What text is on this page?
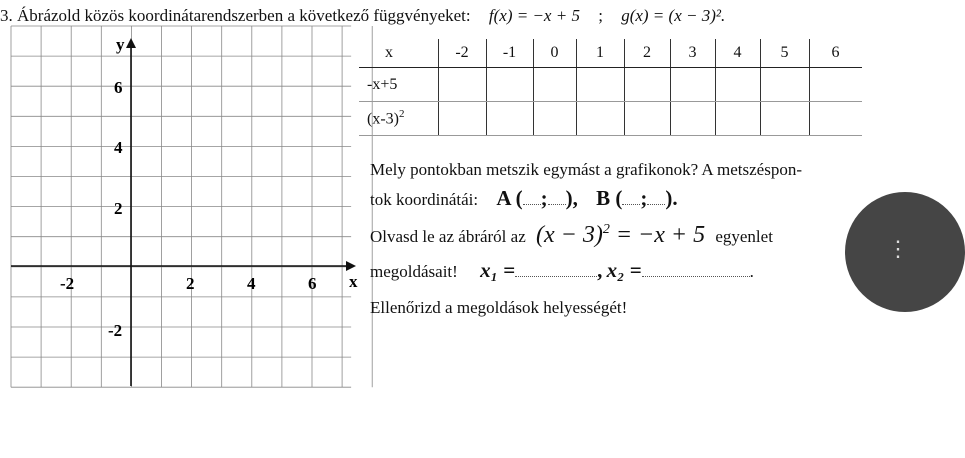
3. Ábrázold közös koordinátarendszerben a következő függvényeket: f(x) = −x + 5 ; g(x) = (x − 3)².
y
x
-2	2	4	6
6
4
2
-2
x	-2	-1	0	1	2	3	4	5	6
-x+5									
$(x-3)^2$									
Mely pontokban metszik egymást a grafikonok? A metszéspon-
tok koordinátái: A ( ; ), B ( ; ).
Olvasd le az ábráról az $(x - 3)^2 = -x + 5$ egyenlet
megoldásait! x₁ =	, x₂ =	.
Ellenőrizd a megoldások helyességét!
⋮
